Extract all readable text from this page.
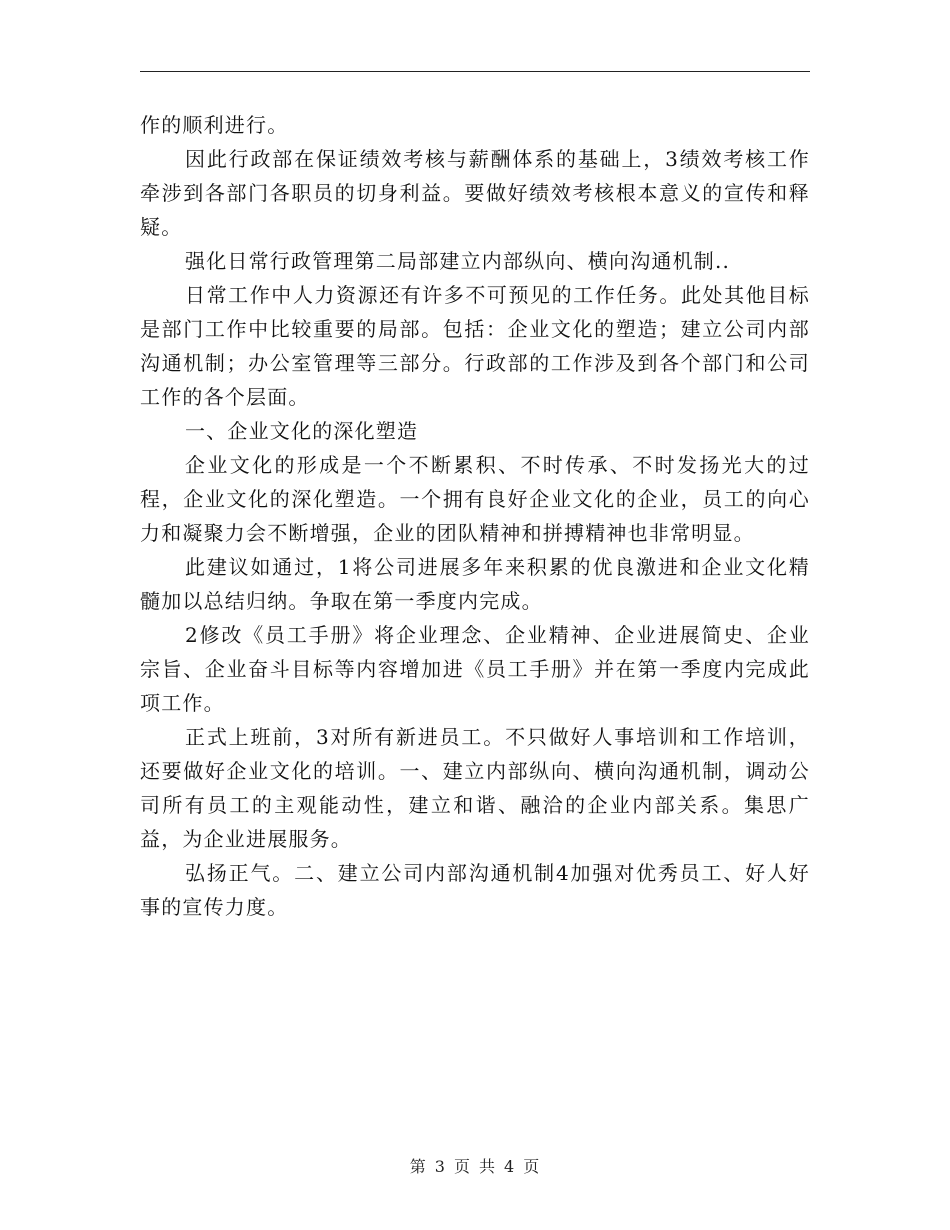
作的顺利进行。

因此行政部在保证绩效考核与薪酬体系的基础上，3绩效考核工作牵涉到各部门各职员的切身利益。要做好绩效考核根本意义的宣传和释疑。

强化日常行政管理第二局部建立内部纵向、横向沟通机制..

日常工作中人力资源还有许多不可预见的工作任务。此处其他目标是部门工作中比较重要的局部。包括：企业文化的塑造；建立公司内部沟通机制；办公室管理等三部分。行政部的工作涉及到各个部门和公司工作的各个层面。

一、企业文化的深化塑造

企业文化的形成是一个不断累积、不时传承、不时发扬光大的过程，企业文化的深化塑造。一个拥有良好企业文化的企业，员工的向心力和凝聚力会不断增强，企业的团队精神和拼搏精神也非常明显。

此建议如通过，1将公司进展多年来积累的优良激进和企业文化精髓加以总结归纳。争取在第一季度内完成。

2修改《员工手册》将企业理念、企业精神、企业进展简史、企业宗旨、企业奋斗目标等内容增加进《员工手册》并在第一季度内完成此项工作。

正式上班前，3对所有新进员工。不只做好人事培训和工作培训，还要做好企业文化的培训。一、建立内部纵向、横向沟通机制，调动公司所有员工的主观能动性，建立和谐、融洽的企业内部关系。集思广益，为企业进展服务。

弘扬正气。二、建立公司内部沟通机制4加强对优秀员工、好人好事的宣传力度。

第 3 页 共 4 页
